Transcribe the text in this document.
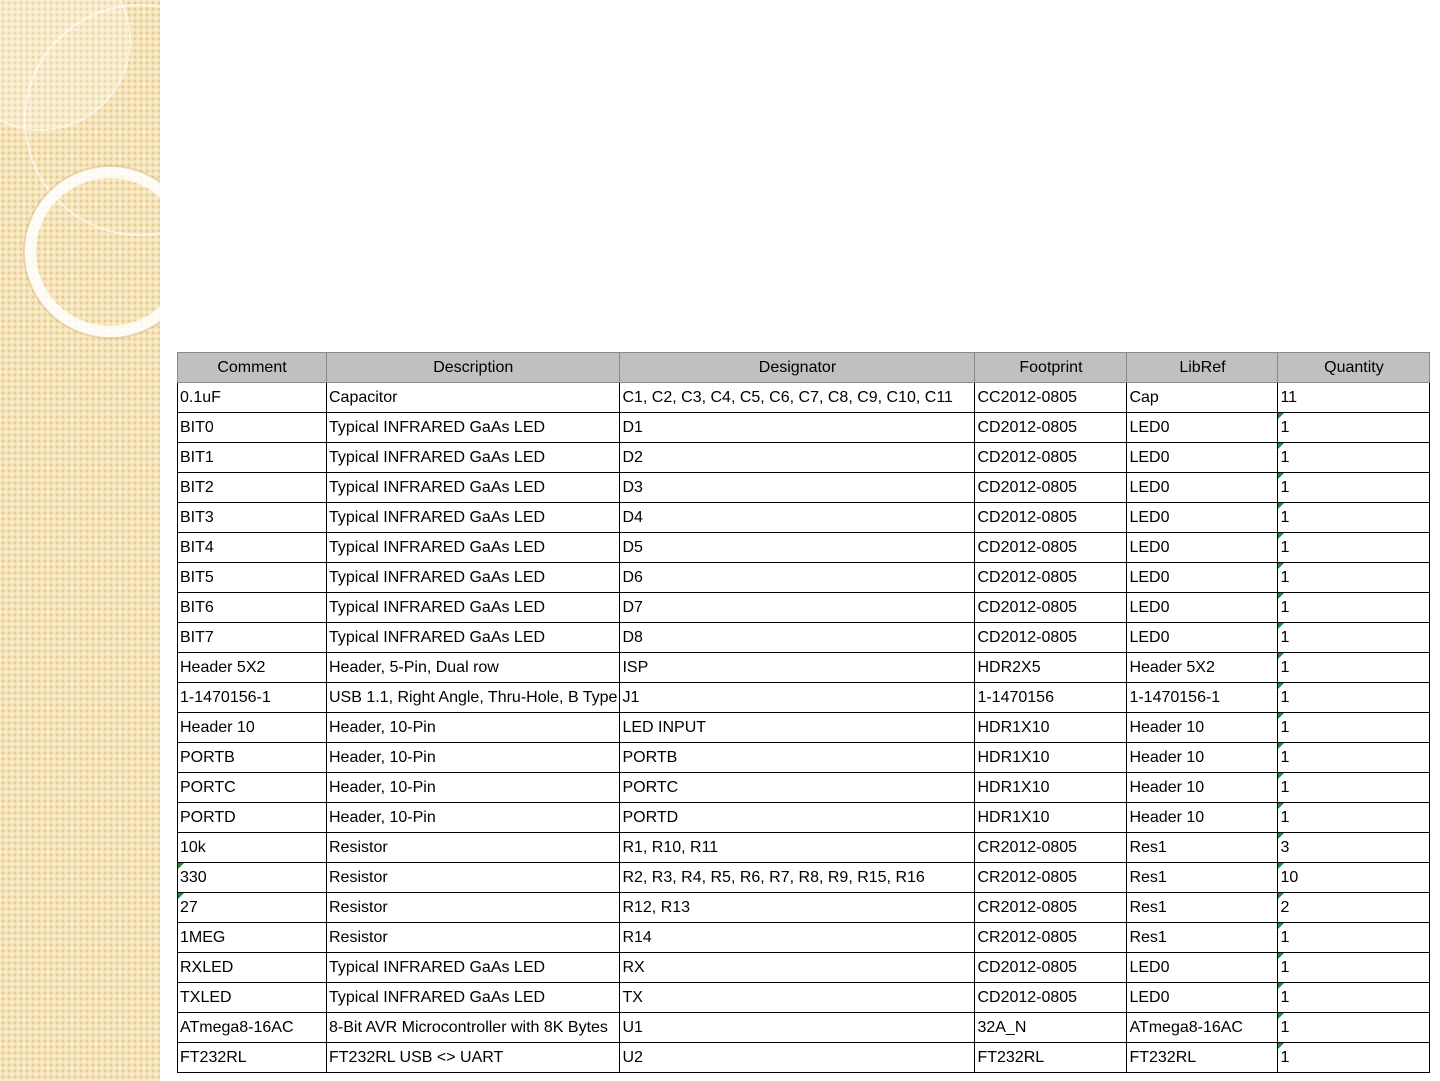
Comment	Description	Designator	Footprint	LibRef	Quantity
0.1uF	Capacitor	C1, C2, C3, C4, C5, C6, C7, C8, C9, C10, C11	CC2012-0805	Cap	11
BIT0	Typical INFRARED GaAs LED	D1	CD2012-0805	LED0	1
BIT1	Typical INFRARED GaAs LED	D2	CD2012-0805	LED0	1
BIT2	Typical INFRARED GaAs LED	D3	CD2012-0805	LED0	1
BIT3	Typical INFRARED GaAs LED	D4	CD2012-0805	LED0	1
BIT4	Typical INFRARED GaAs LED	D5	CD2012-0805	LED0	1
BIT5	Typical INFRARED GaAs LED	D6	CD2012-0805	LED0	1
BIT6	Typical INFRARED GaAs LED	D7	CD2012-0805	LED0	1
BIT7	Typical INFRARED GaAs LED	D8	CD2012-0805	LED0	1
Header 5X2	Header, 5-Pin, Dual row	ISP	HDR2X5	Header 5X2	1
1-1470156-1	USB 1.1, Right Angle, Thru-Hole, B Type	J1	1-1470156	1-1470156-1	1
Header 10	Header, 10-Pin	LED INPUT	HDR1X10	Header 10	1
PORTB	Header, 10-Pin	PORTB	HDR1X10	Header 10	1
PORTC	Header, 10-Pin	PORTC	HDR1X10	Header 10	1
PORTD	Header, 10-Pin	PORTD	HDR1X10	Header 10	1
10k	Resistor	R1, R10, R11	CR2012-0805	Res1	3
330	Resistor	R2, R3, R4, R5, R6, R7, R8, R9, R15, R16	CR2012-0805	Res1	10
27	Resistor	R12, R13	CR2012-0805	Res1	2
1MEG	Resistor	R14	CR2012-0805	Res1	1
RXLED	Typical INFRARED GaAs LED	RX	CD2012-0805	LED0	1
TXLED	Typical INFRARED GaAs LED	TX	CD2012-0805	LED0	1
ATmega8-16AC	8-Bit AVR Microcontroller with 8K Bytes	U1	32A_N	ATmega8-16AC	1
FT232RL	FT232RL USB <> UART	U2	FT232RL	FT232RL	1
